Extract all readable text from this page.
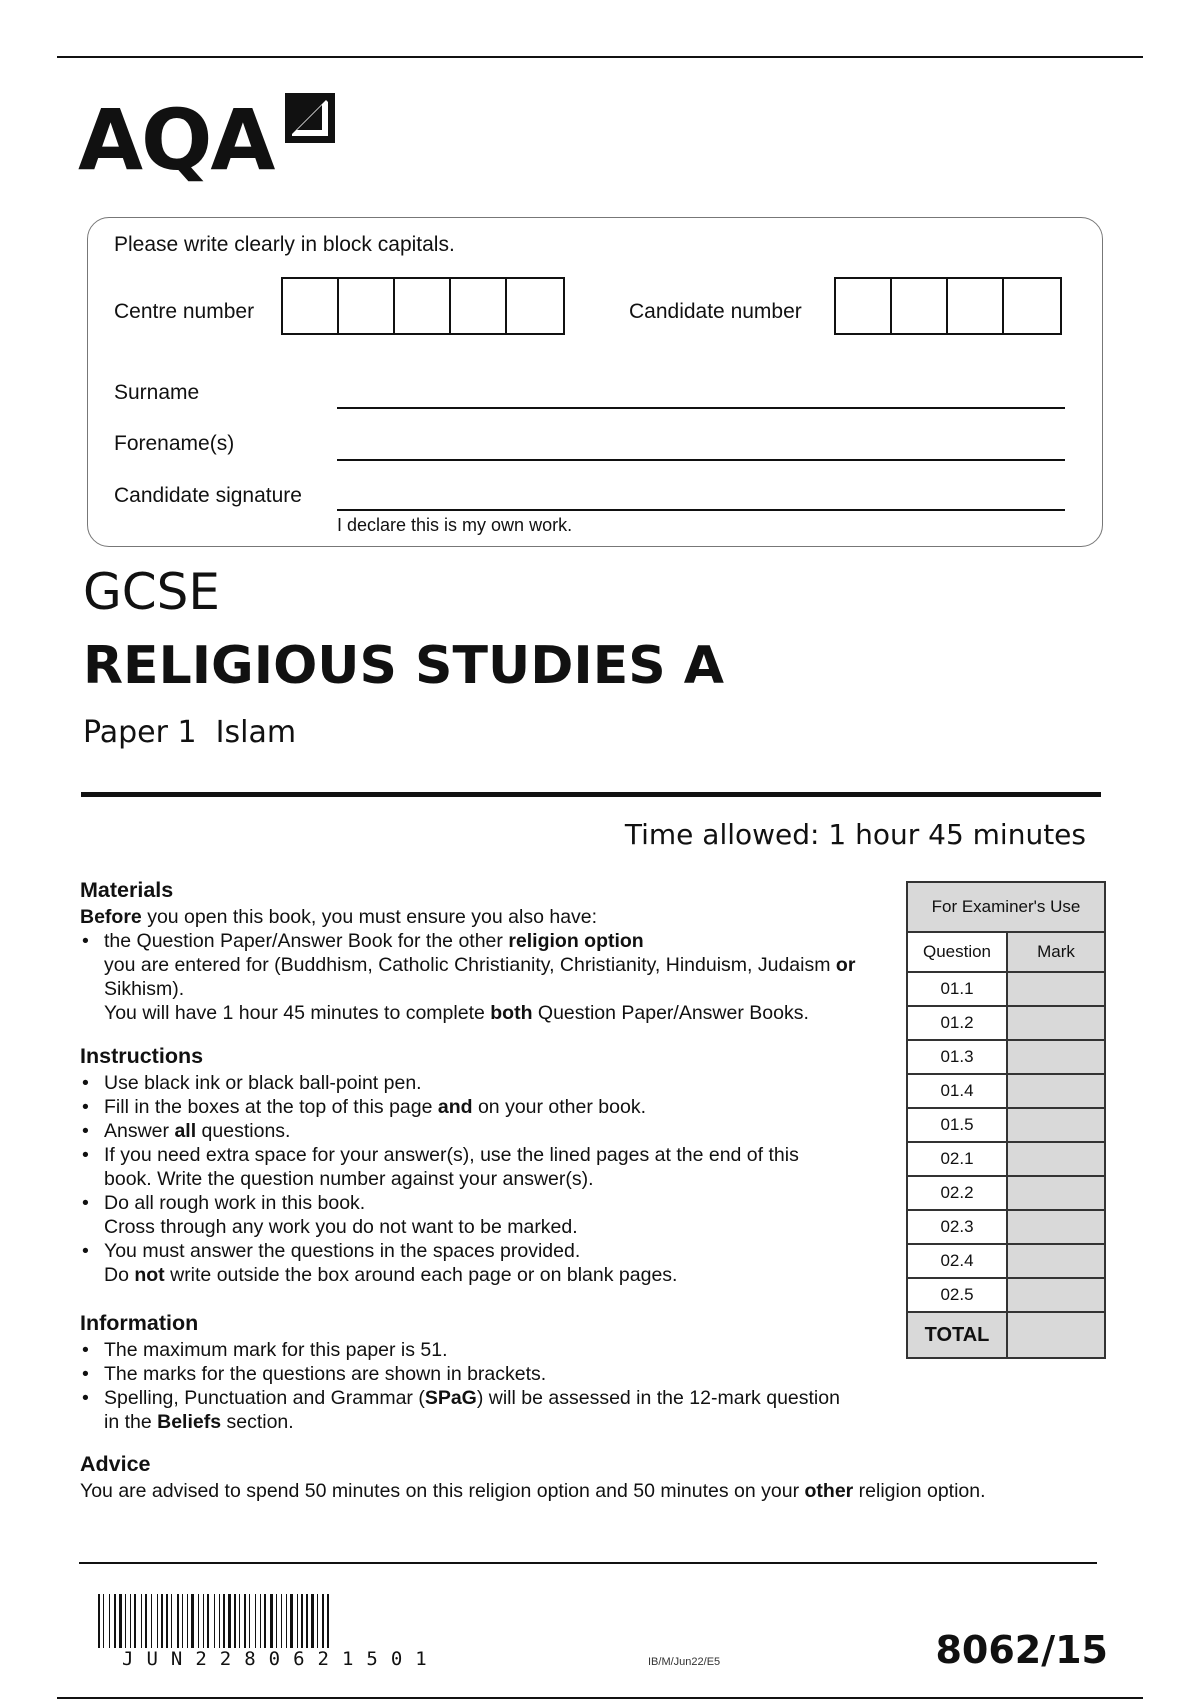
AQA
Please write clearly in block capitals.
Centre number	Candidate number
Surname
Forename(s)
Candidate signature
I declare this is my own work.
GCSE
RELIGIOUS STUDIES A
Paper 1  Islam
Time allowed: 1 hour 45 minutes
Materials

Before you open this book, you must ensure you also have:

• the Question Paper/Answer Book for the other religion option
you are entered for (Buddhism, Catholic Christianity, Christianity, Hinduism, Judaism or Sikhism).

You will have 1 hour 45 minutes to complete both Question Paper/Answer Books.

Instructions
• Use black ink or black ball-point pen.
• Fill in the boxes at the top of this page and on your other book.
• Answer all questions.
• If you need extra space for your answer(s), use the lined pages at the end of this book. Write the question number against your answer(s).
• Do all rough work in this book.
Cross through any work you do not want to be marked.
• You must answer the questions in the spaces provided.
Do not write outside the box around each page or on blank pages.
Information
• The maximum mark for this paper is 51.
• The marks for the questions are shown in brackets.
• Spelling, Punctuation and Grammar (SPaG) will be assessed in the 12-mark question in the Beliefs section.
Advice

You are advised to spend 50 minutes on this religion option and 50 minutes on your other religion option.

For Examiner's Use
Question	Mark
01.1
01.2
01.3
01.4
01.5
02.1
02.2
02.3
02.4
02.5
TOTAL
JUN2280621501	IB/M/Jun22/E5	8062/15
